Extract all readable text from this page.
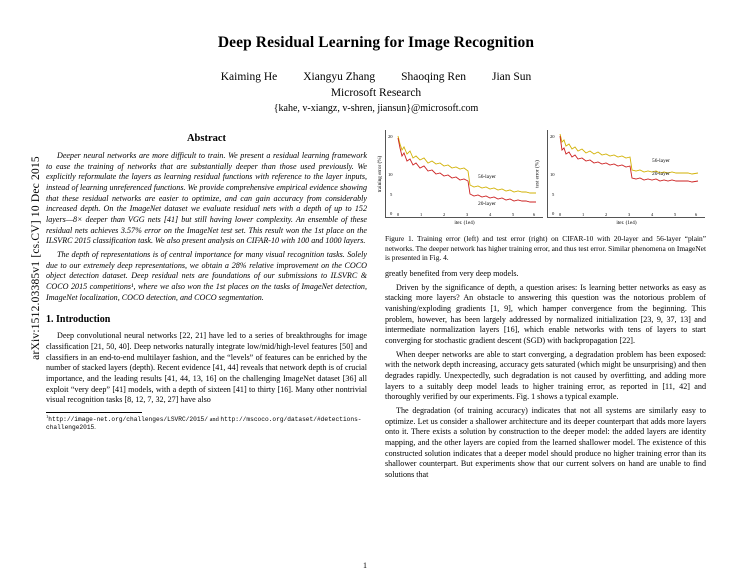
arXiv:1512.03385v1 [cs.CV] 10 Dec 2015
Deep Residual Learning for Image Recognition
Kaiming He Xiangyu Zhang Shaoqing Ren Jian Sun
Microsoft Research
{kahe, v-xiangz, v-shren, jiansun}@microsoft.com
Abstract

Deeper neural networks are more difficult to train. We present a residual learning framework to ease the training of networks that are substantially deeper than those used previously. We explicitly reformulate the layers as learning residual functions with reference to the layer inputs, instead of learning unreferenced functions. We provide comprehensive empirical evidence showing that these residual networks are easier to optimize, and can gain accuracy from considerably increased depth. On the ImageNet dataset we evaluate residual nets with a depth of up to 152 layers—8× deeper than VGG nets [41] but still having lower complexity. An ensemble of these residual nets achieves 3.57% error on the ImageNet test set. This result won the 1st place on the ILSVRC 2015 classification task. We also present analysis on CIFAR-10 with 100 and 1000 layers.

The depth of representations is of central importance for many visual recognition tasks. Solely due to our extremely deep representations, we obtain a 28% relative improvement on the COCO object detection dataset. Deep residual nets are foundations of our submissions to ILSVRC & COCO 2015 competitions¹, where we also won the 1st places on the tasks of ImageNet detection, ImageNet localization, COCO detection, and COCO segmentation.

1. Introduction

Deep convolutional neural networks [22, 21] have led to a series of breakthroughs for image classification [21, 50, 40]. Deep networks naturally integrate low/mid/high-level features [50] and classifiers in an end-to-end multilayer fashion, and the “levels” of features can be enriched by the number of stacked layers (depth). Recent evidence [41, 44] reveals that network depth is of crucial importance, and the leading results [41, 44, 13, 16] on the challenging ImageNet dataset [36] all exploit “very deep” [41] models, with a depth of sixteen [41] to thirty [16]. Many other nontrivial visual recognition tasks [8, 12, 7, 32, 27] have also

$^1$http://image-net.org/challenges/LSVRC/2015/ and http://mscoco.org/dataset/#detections-challenge2015.
training error (%)
iter. (1e4)
20
10
5
0 0	1	2	3	4	5	6
56-layer
20-layer
test error (%)
iter. (1e4)
20
10
5
0 0	1	2	3	4	5	6
56-layer
20-layer
Figure 1. Training error (left) and test error (right) on CIFAR-10 with 20-layer and 56-layer “plain” networks. The deeper network has higher training error, and thus test error. Similar phenomena on ImageNet is presented in Fig. 4.

greatly benefited from very deep models.

Driven by the significance of depth, a question arises: Is learning better networks as easy as stacking more layers? An obstacle to answering this question was the notorious problem of vanishing/exploding gradients [1, 9], which hamper convergence from the beginning. This problem, however, has been largely addressed by normalized initialization [23, 9, 37, 13] and intermediate normalization layers [16], which enable networks with tens of layers to start converging for stochastic gradient descent (SGD) with backpropagation [22].

When deeper networks are able to start converging, a degradation problem has been exposed: with the network depth increasing, accuracy gets saturated (which might be unsurprising) and then degrades rapidly. Unexpectedly, such degradation is not caused by overfitting, and adding more layers to a suitably deep model leads to higher training error, as reported in [11, 42] and thoroughly verified by our experiments. Fig. 1 shows a typical example.

The degradation (of training accuracy) indicates that not all systems are similarly easy to optimize. Let us consider a shallower architecture and its deeper counterpart that adds more layers onto it. There exists a solution by construction to the deeper model: the added layers are identity mapping, and the other layers are copied from the learned shallower model. The existence of this constructed solution indicates that a deeper model should produce no higher training error than its shallower counterpart. But experiments show that our current solvers on hand are unable to find solutions that

1
